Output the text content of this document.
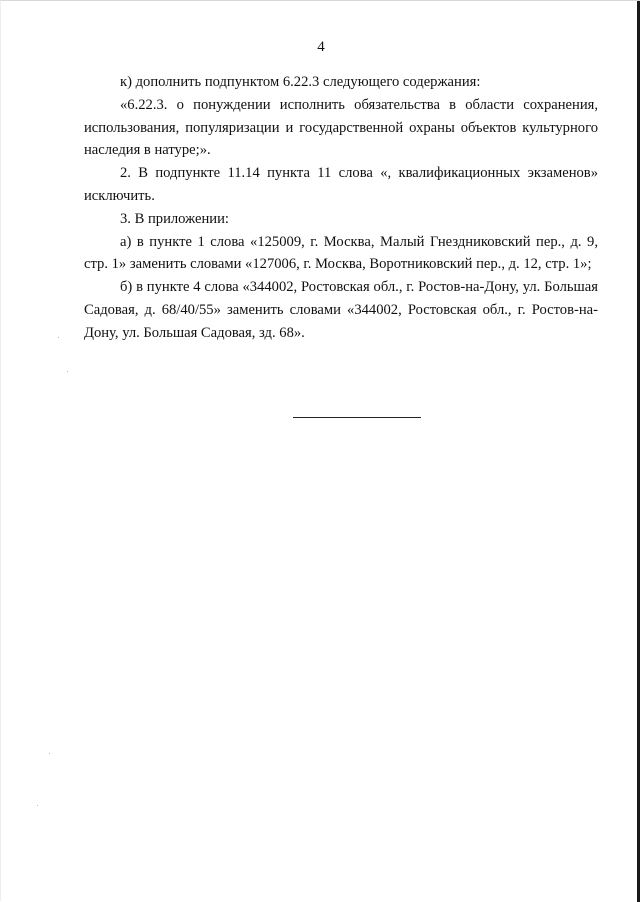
4

к) дополнить подпунктом 6.22.3 следующего содержания:

«6.22.3. о понуждении исполнить обязательства в области сохранения, использования, популяризации и государственной охраны объектов культурного наследия в натуре;».

2. В подпункте 11.14 пункта 11 слова «, квалификационных экзаменов» исключить.

3. В приложении:

а) в пункте 1 слова «125009, г. Москва, Малый Гнездниковский пер., д. 9, стр. 1» заменить словами «127006, г. Москва, Воротниковский пер., д. 12, стр. 1»;

б) в пункте 4 слова «344002, Ростовская обл., г. Ростов-на-Дону, ул. Большая Садовая, д. 68/40/55» заменить словами «344002, Ростовская обл., г. Ростов-на-Дону, ул. Большая Садовая, зд. 68».
